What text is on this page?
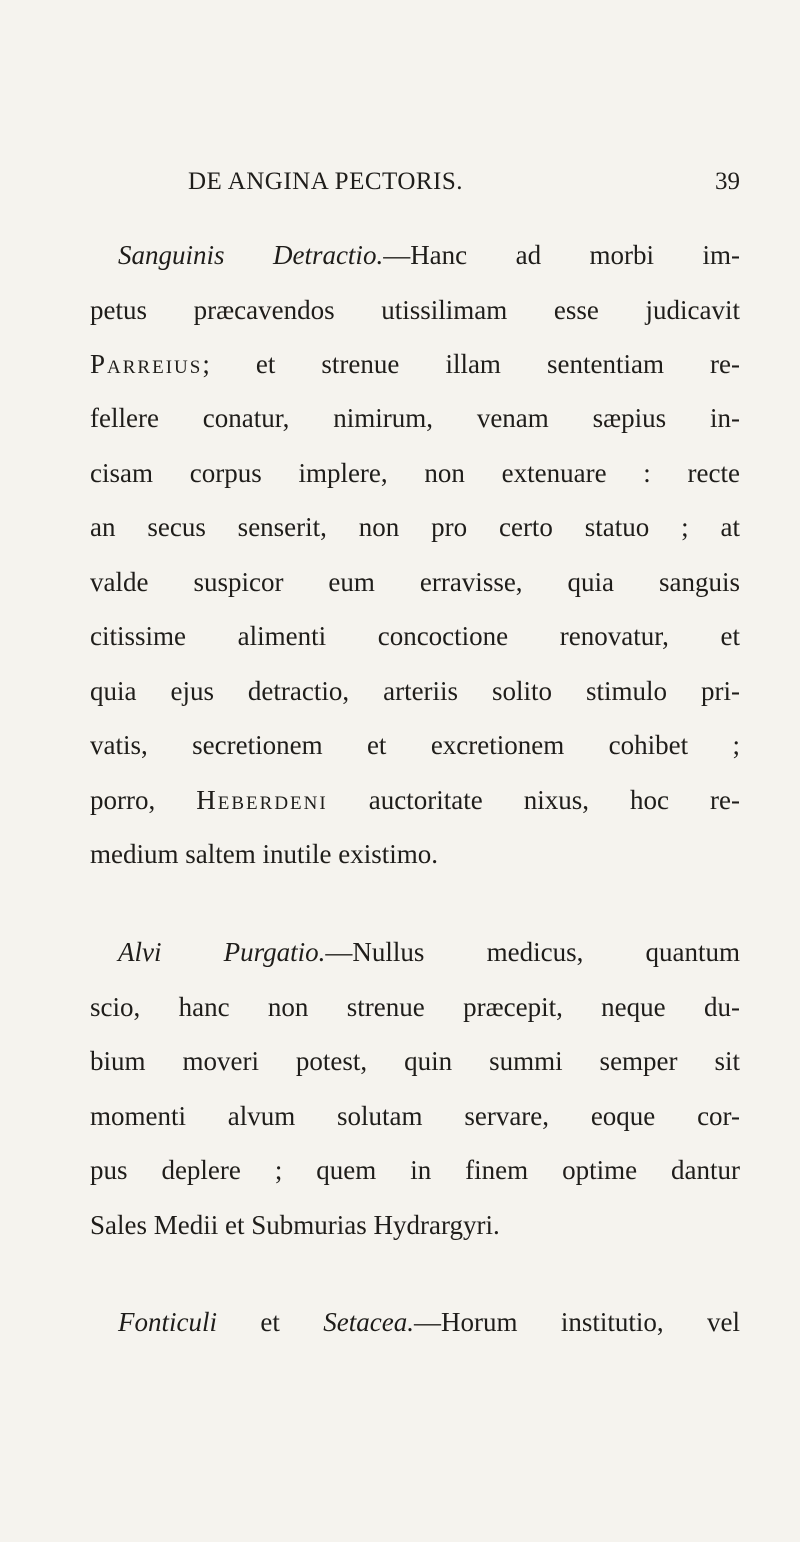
DE ANGINA PECTORIS.	39
Sanguinis Detractio.—Hanc ad morbi im-
petus præcavendos utissilimam esse judicavit
Parreius; et strenue illam sententiam re-
fellere conatur, nimirum, venam sæpius in-
cisam corpus implere, non extenuare : recte
an secus senserit, non pro certo statuo ; at
valde suspicor eum erravisse, quia sanguis
citissime alimenti concoctione renovatur, et
quia ejus detractio, arteriis solito stimulo pri-
vatis, secretionem et excretionem cohibet ;
porro, Heberdeni auctoritate nixus, hoc re-
medium saltem inutile existimo.
Alvi Purgatio.—Nullus medicus, quantum
scio, hanc non strenue præcepit, neque du-
bium moveri potest, quin summi semper sit
momenti alvum solutam servare, eoque cor-
pus deplere ; quem in finem optime dantur
Sales Medii et Submurias Hydrargyri.
Fonticuli et Setacea.—Horum institutio, vel
